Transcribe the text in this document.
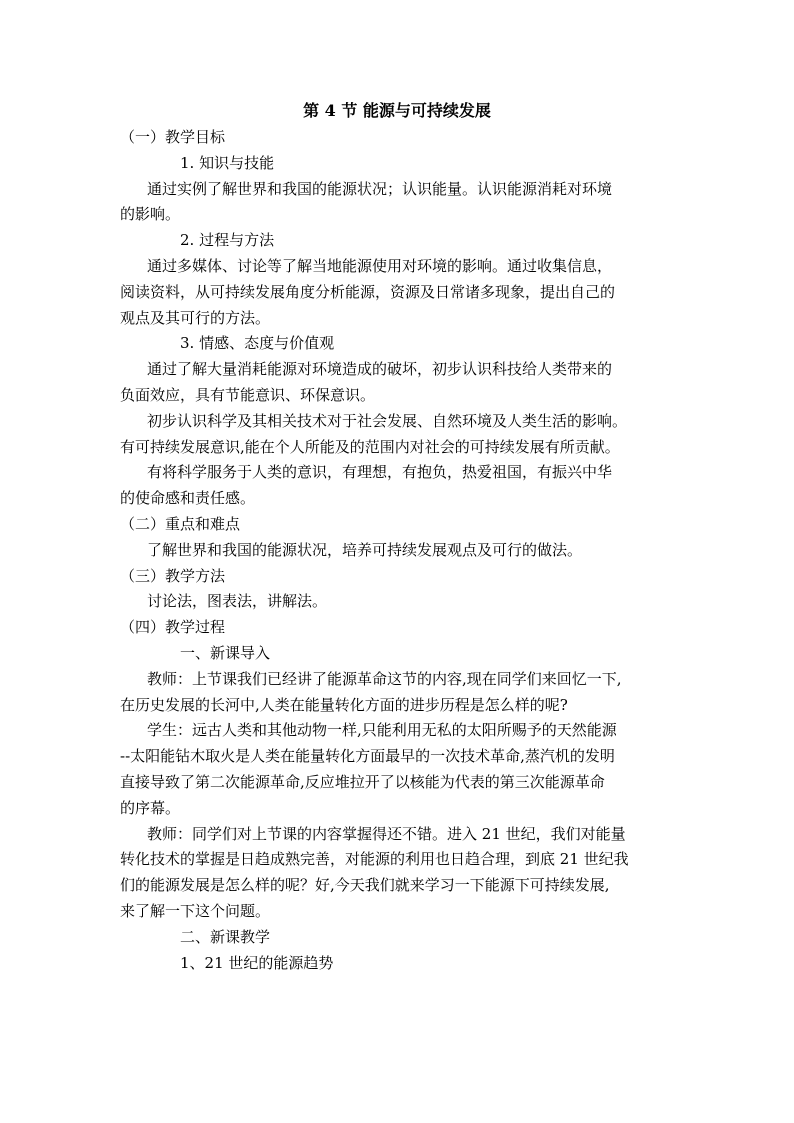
第 4 节 能源与可持续发展

（一）教学目标

1. 知识与技能

通过实例了解世界和我国的能源状况；认识能量。认识能源消耗对环境

的影响。

2. 过程与方法

通过多媒体、讨论等了解当地能源使用对环境的影响。通过收集信息，

阅读资料，从可持续发展角度分析能源，资源及日常诸多现象，提出自己的

观点及其可行的方法。

3. 情感、态度与价值观

通过了解大量消耗能源对环境造成的破坏，初步认识科技给人类带来的

负面效应，具有节能意识、环保意识。

初步认识科学及其相关技术对于社会发展、自然环境及人类生活的影响。

有可持续发展意识,能在个人所能及的范围内对社会的可持续发展有所贡献。

有将科学服务于人类的意识，有理想，有抱负，热爱祖国，有振兴中华

的使命感和责任感。

（二）重点和难点

了解世界和我国的能源状况，培养可持续发展观点及可行的做法。

（三）教学方法

讨论法，图表法，讲解法。

（四）教学过程

一、新课导入

教师：上节课我们已经讲了能源革命这节的内容,现在同学们来回忆一下,

在历史发展的长河中,人类在能量转化方面的进步历程是怎么样的呢?

学生：远古人类和其他动物一样,只能利用无私的太阳所赐予的天然能源

--太阳能钻木取火是人类在能量转化方面最早的一次技术革命,蒸汽机的发明

直接导致了第二次能源革命,反应堆拉开了以核能为代表的第三次能源革命

的序幕。

教师：同学们对上节课的内容掌握得还不错。进入 21 世纪，我们对能量

转化技术的掌握是日趋成熟完善，对能源的利用也日趋合理，到底 21 世纪我

们的能源发展是怎么样的呢？好,今天我们就来学习一下能源下可持续发展,

来了解一下这个问题。

二、新课教学

1、21 世纪的能源趋势
